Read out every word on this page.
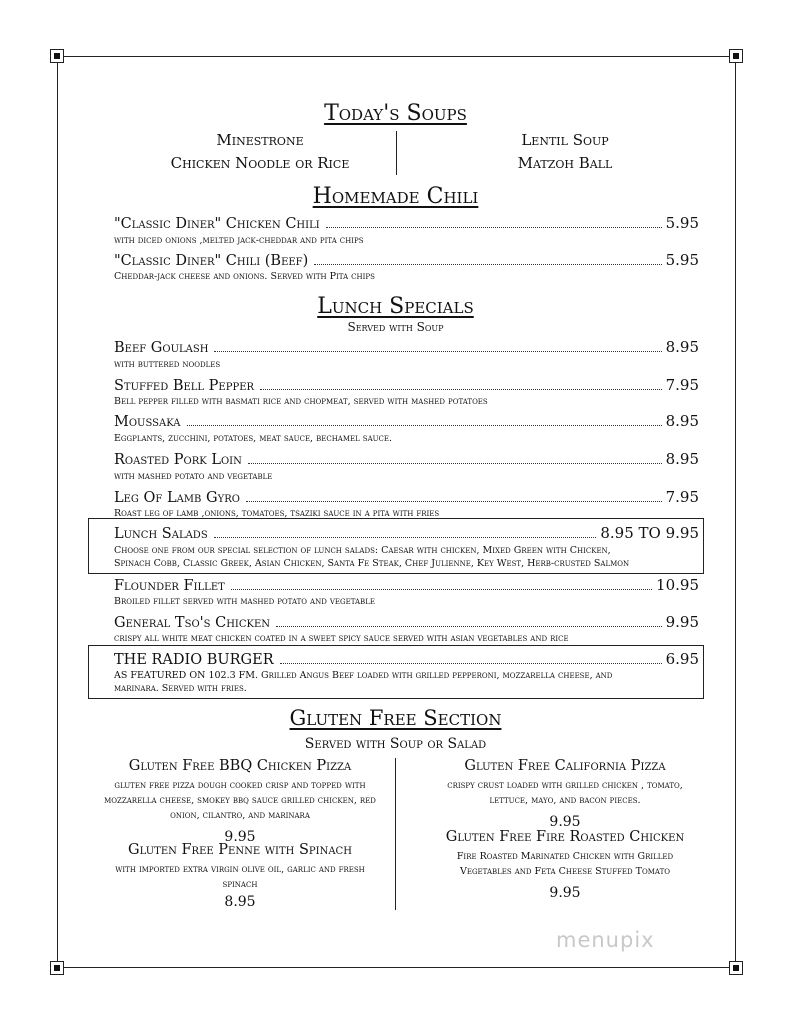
Today's Soups
Minestrone
Chicken Noodle or Rice
Lentil Soup
Matzoh Ball
Homemade Chili
"Classic Diner" Chicken Chili	5.95
with diced onions ,melted jack-cheddar and pita chips
"Classic Diner" Chili (Beef)	5.95
Cheddar-jack cheese and onions. Served with Pita chips
Lunch Specials
Served with Soup
Beef Goulash	8.95
with buttered noodles
Stuffed Bell Pepper	7.95
Bell pepper filled with basmati rice and chopmeat, served with mashed potatoes
Moussaka	8.95
Eggplants, zucchini, potatoes, meat sauce, bechamel sauce.
Roasted Pork Loin	8.95
with mashed potato and vegetable
Leg Of Lamb Gyro	7.95
Roast leg of lamb ,onions, tomatoes, tsaziki sauce in a pita with fries
Lunch Salads	8.95 TO 9.95
Choose one from our special selection of lunch salads: Caesar with chicken, Mixed Green with Chicken,
Spinach Cobb, Classic Greek, Asian Chicken, Santa Fe Steak, Chef Julienne, Key West, Herb-crusted Salmon
Flounder Fillet	10.95
Broiled fillet served with mashed potato and vegetable
General Tso's Chicken	9.95
crispy all white meat chicken coated in a sweet spicy sauce served with asian vegetables and rice
THE RADIO BURGER	6.95
AS FEATURED ON 102.3 FM. Grilled Angus Beef loaded with grilled pepperoni, mozzarella cheese, and
marinara. Served with fries.
Gluten Free Section
Served with Soup or Salad
Gluten Free BBQ Chicken Pizza
gluten free pizza dough cooked crisp and topped with
mozzarella cheese, smokey bbq sauce grilled chicken, red
onion, cilantro, and marinara
9.95
Gluten Free Penne with Spinach
with imported extra virgin olive oil, garlic and fresh
spinach
8.95
Gluten Free California Pizza
crispy crust loaded with grilled chicken , tomato,
lettuce, mayo, and bacon pieces.
9.95
Gluten Free Fire Roasted Chicken
Fire Roasted Marinated Chicken with Grilled
Vegetables and Feta Cheese Stuffed Tomato
9.95
menupix
